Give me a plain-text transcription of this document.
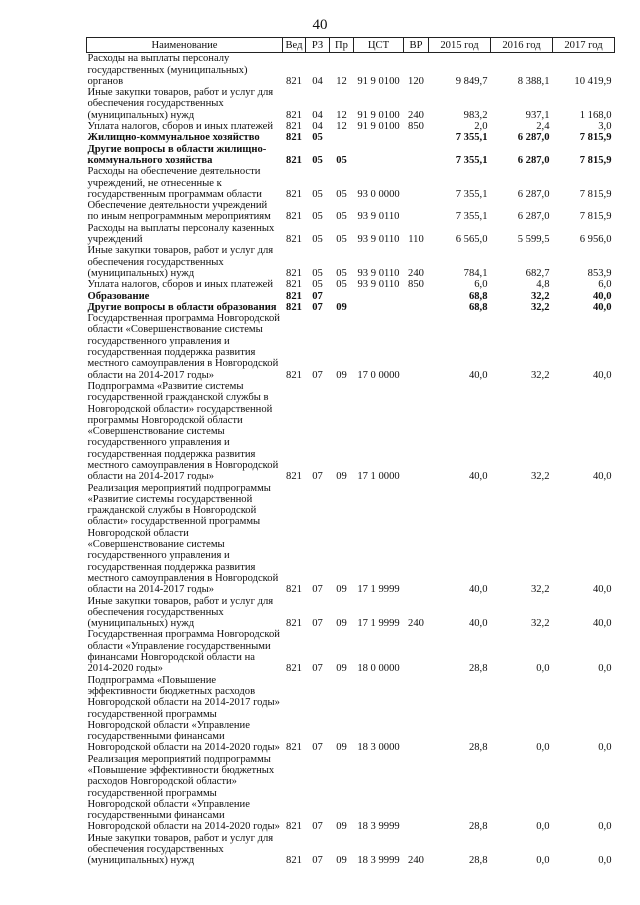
40
Наименование	Вед	РЗ	Пр	ЦСТ	ВР	2015 год	2016 год	2017 год
Расходы на выплаты персоналу государственных (муниципальных) органов	821	04	12	91 9 0100	120	9 849,7	8 388,1	10 419,9
Иные закупки товаров, работ и услуг для обеспечения государственных (муниципальных) нужд	821	04	12	91 9 0100	240	983,2	937,1	1 168,0
Уплата налогов, сборов и иных платежей	821	04	12	91 9 0100	850	2,0	2,4	3,0
Жилищно-коммунальное хозяйство	821	05				7 355,1	6 287,0	7 815,9
Другие вопросы в области жилищно-коммунального хозяйства	821	05	05			7 355,1	6 287,0	7 815,9
Расходы на обеспечение деятельности учреждений, не отнесенные к государственным программам области	821	05	05	93 0 0000		7 355,1	6 287,0	7 815,9
Обеспечение деятельности учреждений по иным непрограммным мероприятиям	821	05	05	93 9 0110		7 355,1	6 287,0	7 815,9
Расходы на выплаты персоналу казенных учреждений	821	05	05	93 9 0110	110	6 565,0	5 599,5	6 956,0
Иные закупки товаров, работ и услуг для обеспечения государственных (муниципальных) нужд	821	05	05	93 9 0110	240	784,1	682,7	853,9
Уплата налогов, сборов и иных платежей	821	05	05	93 9 0110	850	6,0	4,8	6,0
Образование	821	07				68,8	32,2	40,0
Другие вопросы в области образования	821	07	09			68,8	32,2	40,0
Государственная программа Новгородской области «Совершенствование системы государственного управления и государственная поддержка развития местного самоуправления в Новгородской области на 2014-2017 годы»	821	07	09	17 0 0000		40,0	32,2	40,0
Подпрограмма «Развитие системы государственной гражданской службы в Новгородской области» государственной программы Новгородской области «Совершенствование системы государственного управления и государственная поддержка развития местного самоуправления в Новгородской области на 2014-2017 годы»	821	07	09	17 1 0000		40,0	32,2	40,0
Реализация мероприятий подпрограммы «Развитие системы государственной гражданской службы в Новгородской области» государственной программы Новгородской области «Совершенствование системы государственного управления и государственная поддержка развития местного самоуправления в Новгородской области на 2014-2017 годы»	821	07	09	17 1 9999		40,0	32,2	40,0
Иные закупки товаров, работ и услуг для обеспечения государственных (муниципальных) нужд	821	07	09	17 1 9999	240	40,0	32,2	40,0
Государственная программа Новгородской области «Управление государственными финансами Новгородской области на 2014-2020 годы»	821	07	09	18 0 0000		28,8	0,0	0,0
Подпрограмма «Повышение эффективности бюджетных расходов Новгородской области на 2014-2017 годы» государственной программы Новгородской области «Управление государственными финансами Новгородской области на 2014-2020 годы»	821	07	09	18 3 0000		28,8	0,0	0,0
Реализация мероприятий подпрограммы «Повышение эффективности бюджетных расходов Новгородской области» государственной программы Новгородской области «Управление государственными финансами Новгородской области на 2014-2020 годы»	821	07	09	18 3 9999		28,8	0,0	0,0
Иные закупки товаров, работ и услуг для обеспечения государственных (муниципальных) нужд	821	07	09	18 3 9999	240	28,8	0,0	0,0
